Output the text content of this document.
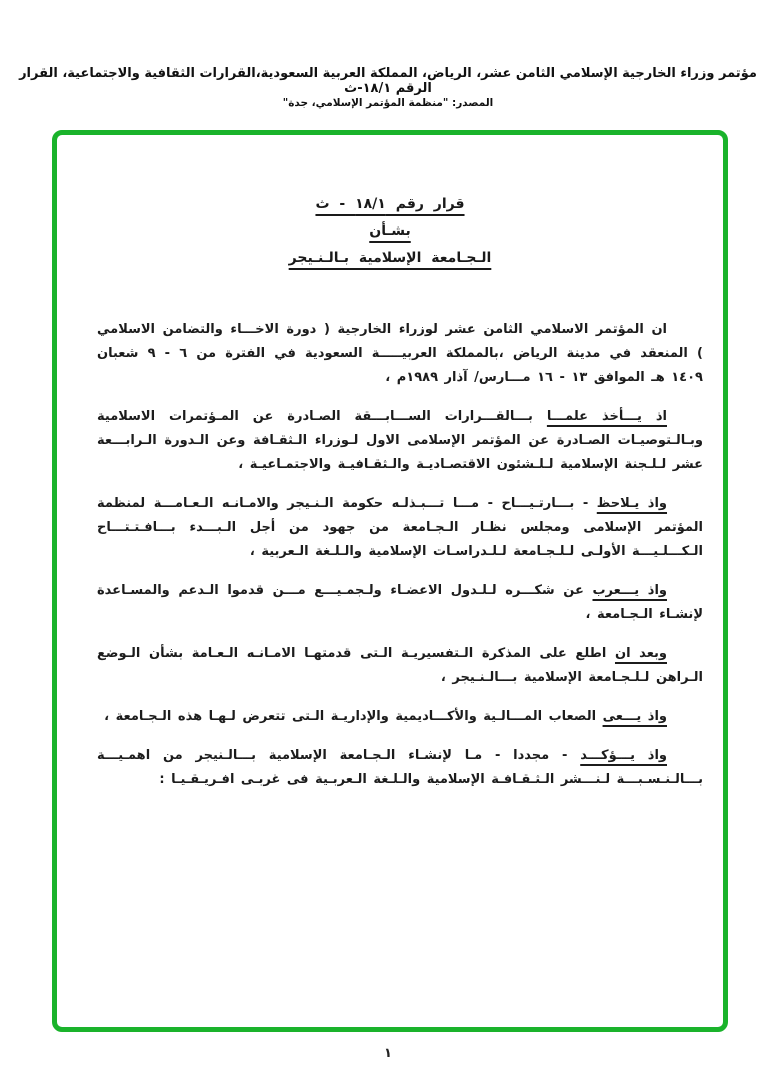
مؤتمر وزراء الخارجية الإسلامي الثامن عشر، الرياض، المملكة العربية السعودية،القرارات الثقافية والاجتماعية، القرار الرقم ١٨/١-ث
المصدر: "منظمة المؤتمر الإسلامي، جدة"
قرار رقم ١٨/١ - ث
بشـأن
الـجـامعة الإسلامية بـالـنـيجر

ان المؤتمر الاسلامي الثامن عشر لوزراء الخارجية ( دورة الاخـــاء والتضامن الاسلامي ) المنعقد في مدينة الرياض ،بالمملكة العربيـــــة السعودية في الفترة من ٦ - ٩ شعبان ١٤٠٩ هـ الموافق ١٣ - ١٦ مـــارس/ آذار ١٩٨٩م ،

اذ يـــأخذ علمـــا بـــالقـــرارات الســـابـــقة الصـادرة عن المـؤتمرات الاسلامية وبـالـتوصيـات الصـادرة عن المؤتمر الإسلامى الاول لـوزراء الـثقـافة وعن الـدورة الـرابـــعة عشر لـلـجنة الإسلامية لـلـشئون الاقتصـاديـة والـثقـافيـة والاجتمـاعيـة ،

واذ يـلاحظ - بـــارتـيـــاح - مـــا تـــبـذلـه حكومة الـنـيجر والامـانـه الـعـامـــة لمنظمة المؤتمر الإسلامى ومجلس نظـار الـجـامعة من جهود من أجل الـبـــدء بـــافـتـتـــاح الـكـــلـيـــة الأولـى لـلـجـامعة لـلـدراسـات الإسلامية والـلـغة الـعربية ،

واذ يـــعرب عن شكـــره لـلـدول الاعضـاء ولـجمـيـــع مـــن قدموا الـدعم والمسـاعدة لإنشـاء الـجـامعة ،

وبعد ان اطلع على المذكرة الـتفسيريـة الـتى قدمتهـا الامـانـه الـعـامة بشأن الـوضع الـراهن لـلـجـامعة الإسلامية بـــالـنـيجر ،

واذ يـــعى الصعاب المـــالـية والأكـــاديمية والإداريـة الـتى تتعرض لـهـا هذه الـجـامعة ،

واذ يـــؤكـــد - مجددا - مـا لإنشـاء الـجـامعة الإسلامية بـــالـنيجر من اهمـيـــة بـــالـنـسـبـــة لـنـــشر الـثـقـافـة الإسلامية والـلـغة الـعربـية فى غربـى افـريـقـيـا :

١
